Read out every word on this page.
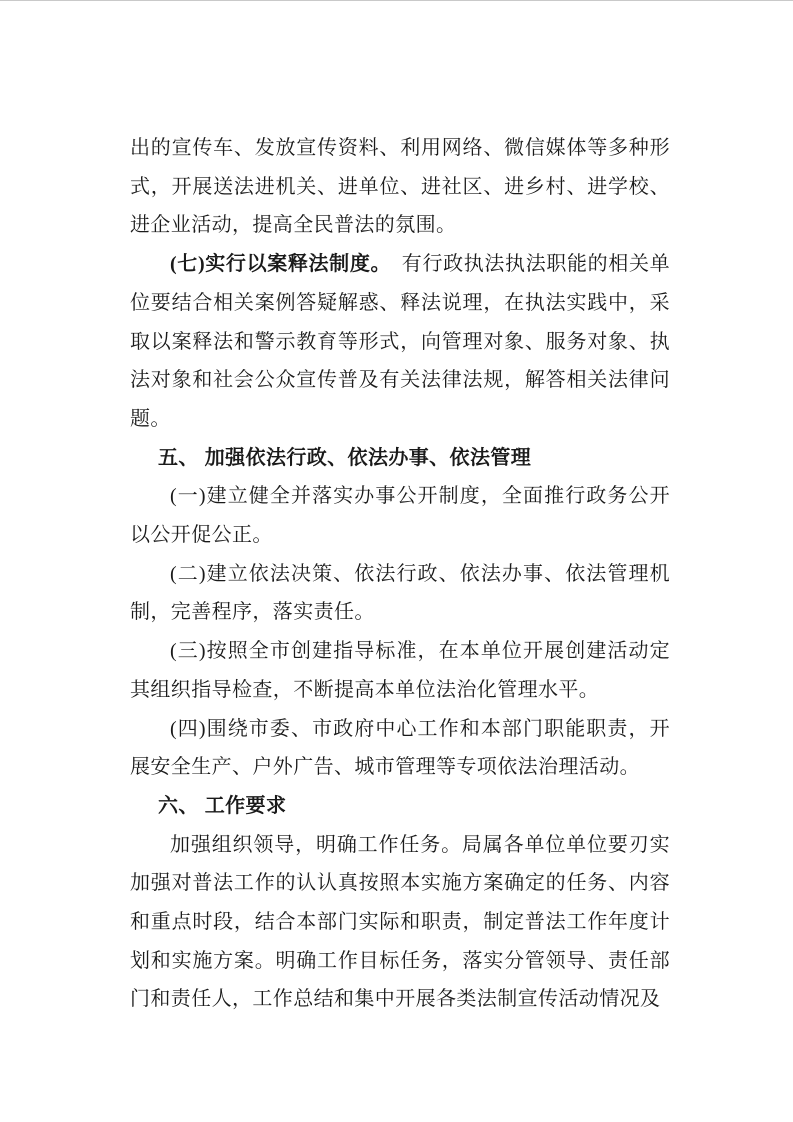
出的宣传车、发放宣传资料、利用网络、微信媒体等多种形式，开展送法进机关、进单位、进社区、进乡村、进学校、进企业活动，提高全民普法的氛围。

(七)实行以案释法制度。　有行政执法执法职能的相关单位要结合相关案例答疑解惑、释法说理，在执法实践中，采取以案释法和警示教育等形式，向管理对象、服务对象、执法对象和社会公众宣传普及有关法律法规，解答相关法律问题。

五、 加强依法行政、依法办事、依法管理

(一)建立健全并落实办事公开制度，全面推行政务公开以公开促公正。

(二)建立依法决策、依法行政、依法办事、依法管理机制，完善程序，落实责任。

(三)按照全市创建指导标准，在本单位开展创建活动定其组织指导检查，不断提高本单位法治化管理水平。

(四)围绕市委、市政府中心工作和本部门职能职责，开展安全生产、户外广告、城市管理等专项依法治理活动。

六、 工作要求

加强组织领导，明确工作任务。局属各单位单位要刃实加强对普法工作的认认真按照本实施方案确定的任务、内容和重点时段，结合本部门实际和职责，制定普法工作年度计划和实施方案。明确工作目标任务，落实分管领导、责任部门和责任人，工作总结和集中开展各类法制宣传活动情况及
